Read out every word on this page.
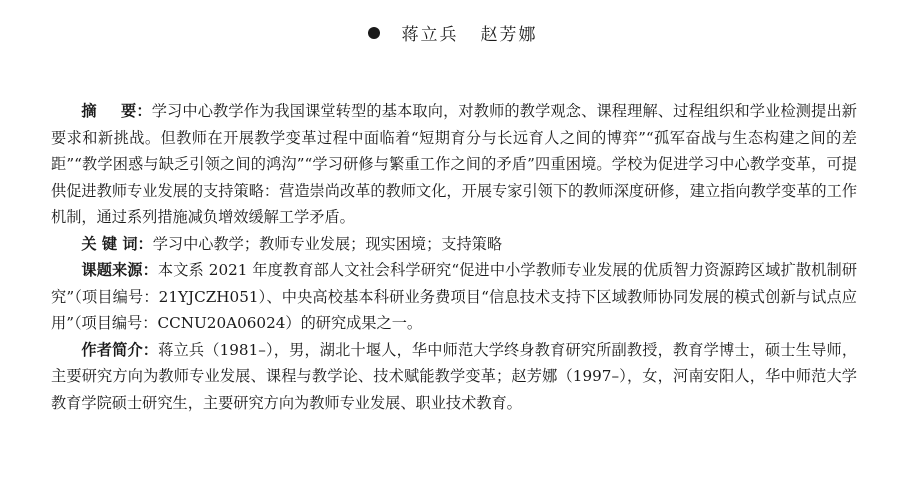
蒋立兵 赵芳娜

摘要：学习中心教学作为我国课堂转型的基本取向，对教师的教学观念、课程理解、过程组织和学业检测提出新要求和新挑战。但教师在开展教学变革过程中面临着“短期育分与长远育人之间的博弈”“孤军奋战与生态构建之间的差距”“教学困惑与缺乏引领之间的鸿沟”“学习研修与繁重工作之间的矛盾”四重困境。学校为促进学习中心教学变革，可提供促进教师专业发展的支持策略：营造崇尚改革的教师文化，开展专家引领下的教师深度研修，建立指向教学变革的工作机制，通过系列措施减负增效缓解工学矛盾。

关 键 词：学习中心教学；教师专业发展；现实困境；支持策略

课题来源：本文系 2021 年度教育部人文社会科学研究“促进中小学教师专业发展的优质智力资源跨区域扩散机制研究”（项目编号：21YJCZH051）、中央高校基本科研业务费项目“信息技术支持下区域教师协同发展的模式创新与试点应用”（项目编号：CCNU20A06024）的研究成果之一。

作者简介：蒋立兵（1981–），男，湖北十堰人，华中师范大学终身教育研究所副教授，教育学博士，硕士生导师，主要研究方向为教师专业发展、课程与教学论、技术赋能教学变革；赵芳娜（1997–），女，河南安阳人，华中师范大学教育学院硕士研究生，主要研究方向为教师专业发展、职业技术教育。
